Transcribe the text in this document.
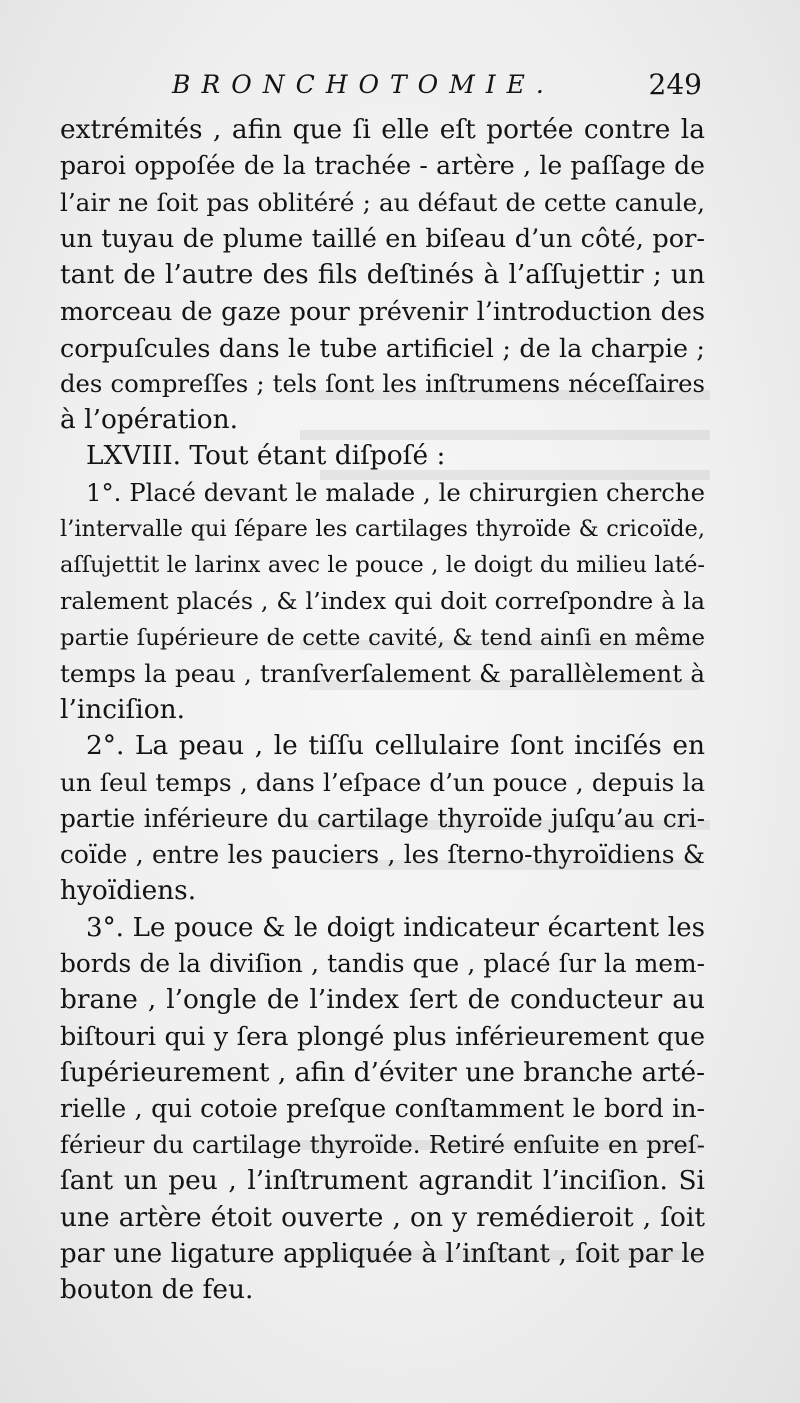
BRONCHOTOMIE.	249
extrémités , afin que ſi elle eſt portée contre la
paroi oppoſée de la trachée - artère , le paſſage de
l’air ne ſoit pas oblitéré ; au défaut de cette canule,
un tuyau de plume taillé en biſeau d’un côté, por-
tant de l’autre des fils deſtinés à l’aſſujettir ; un
morceau de gaze pour prévenir l’introduction des
corpuſcules dans le tube artificiel ; de la charpie ;
des compreſſes ; tels ſont les inſtrumens néceſſaires
à l’opération.
LXVIII. Tout étant diſpoſé :
1°. Placé devant le malade , le chirurgien cherche
l’intervalle qui ſépare les cartilages thyroïde & cricoïde,
aſſujettit le larinx avec le pouce , le doigt du milieu laté-
ralement placés , & l’index qui doit correſpondre à la
partie ſupérieure de cette cavité, & tend ainſi en même
temps la peau , tranſverſalement & parallèlement à
l’inciſion.
2°. La peau , le tiſſu cellulaire ſont inciſés en
un ſeul temps , dans l’eſpace d’un pouce , depuis la
partie inférieure du cartilage thyroïde juſqu’au cri-
coïde , entre les pauciers , les ſterno-thyroïdiens &
hyoïdiens.
3°. Le pouce & le doigt indicateur écartent les
bords de la diviſion , tandis que , placé ſur la mem-
brane , l’ongle de l’index ſert de conducteur au
biſtouri qui y ſera plongé plus inférieurement que
ſupérieurement , afin d’éviter une branche arté-
rielle , qui cotoie preſque conſtamment le bord in-
férieur du cartilage thyroïde. Retiré enſuite en preſ-
ſant un peu , l’inſtrument agrandit l’inciſion. Si
une artère étoit ouverte , on y remédieroit , ſoit
par une ligature appliquée à l’inſtant , ſoit par le
bouton de feu.
